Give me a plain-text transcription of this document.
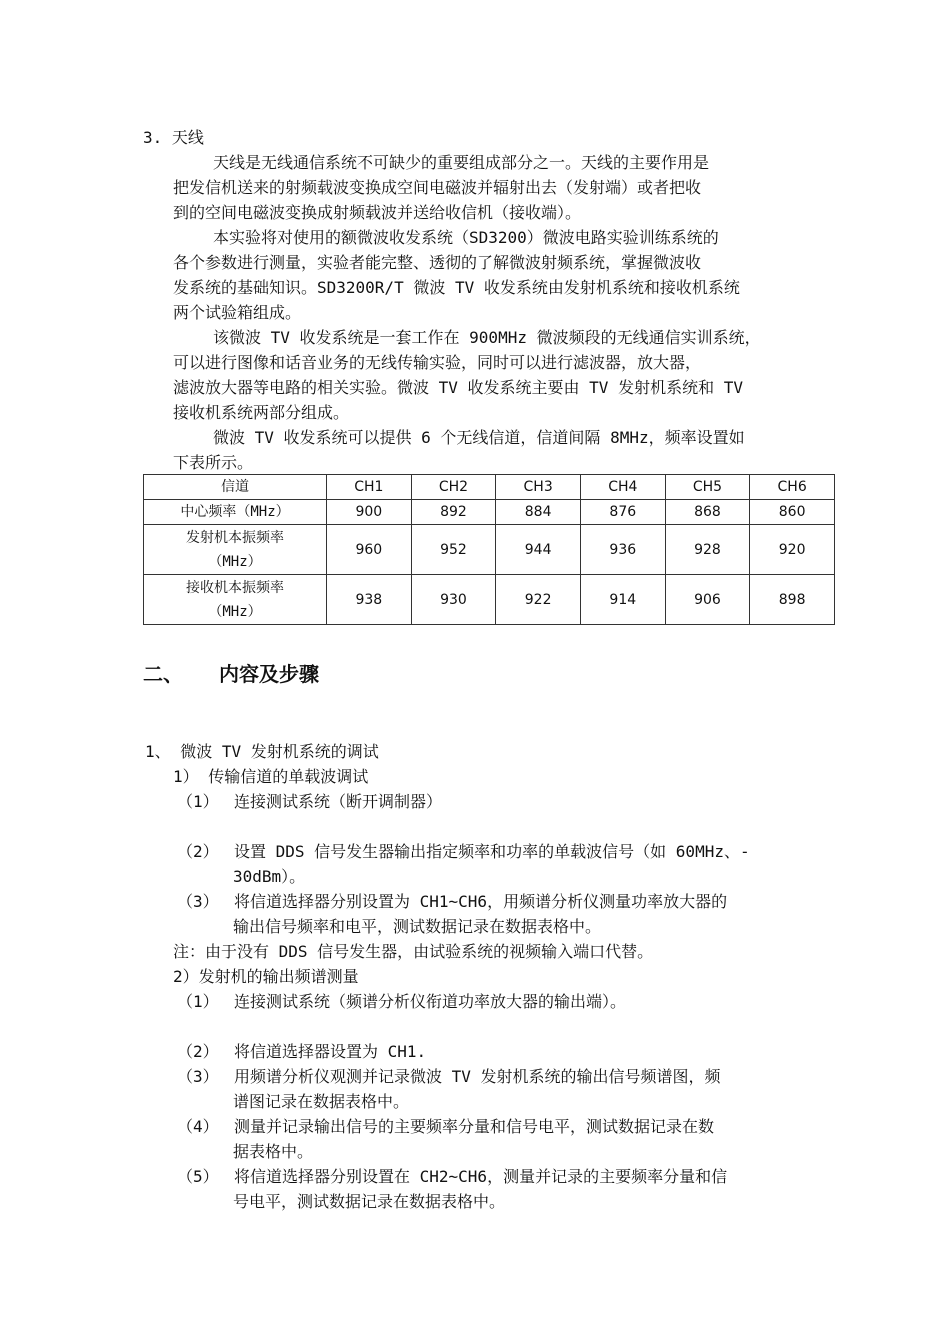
3. 天线
天线是无线通信系统不可缺少的重要组成部分之一。天线的主要作用是
把发信机送来的射频载波变换成空间电磁波并辐射出去（发射端）或者把收
到的空间电磁波变换成射频载波并送给收信机（接收端）。
本实验将对使用的额微波收发系统（SD3200）微波电路实验训练系统的
各个参数进行测量，实验者能完整、透彻的了解微波射频系统，掌握微波收
发系统的基础知识。SD3200R/T 微波 TV 收发系统由发射机系统和接收机系统
两个试验箱组成。
该微波 TV 收发系统是一套工作在 900MHz 微波频段的无线通信实训系统，
可以进行图像和话音业务的无线传输实验，同时可以进行滤波器，放大器，
滤波放大器等电路的相关实验。微波 TV 收发系统主要由 TV 发射机系统和 TV
接收机系统两部分组成。
微波 TV 收发系统可以提供 6 个无线信道，信道间隔 8MHz，频率设置如
下表所示。
信道	CH1	CH2	CH3	CH4	CH5	CH6
中心频率（MHz）	900	892	884	876	868	860

发射机本振频率
（MHz）	960	952	944	936	928	920

接收机本振频率
（MHz）	938	930	922	914	906	898
二、 内容及步骤
1、 微波 TV 发射机系统的调试
1） 传输信道的单载波调试
（1） 连接测试系统（断开调制器）
（2） 设置 DDS 信号发生器输出指定频率和功率的单载波信号（如 60MHz、-
30dBm）。
（3） 将信道选择器分别设置为 CH1~CH6，用频谱分析仪测量功率放大器的
输出信号频率和电平，测试数据记录在数据表格中。
注：由于没有 DDS 信号发生器，由试验系统的视频输入端口代替。
2）发射机的输出频谱测量
（1） 连接测试系统（频谱分析仪衔道功率放大器的输出端）。
（2） 将信道选择器设置为 CH1.
（3） 用频谱分析仪观测并记录微波 TV 发射机系统的输出信号频谱图，频
谱图记录在数据表格中。
（4） 测量并记录输出信号的主要频率分量和信号电平，测试数据记录在数
据表格中。
（5） 将信道选择器分别设置在 CH2~CH6，测量并记录的主要频率分量和信
号电平，测试数据记录在数据表格中。
